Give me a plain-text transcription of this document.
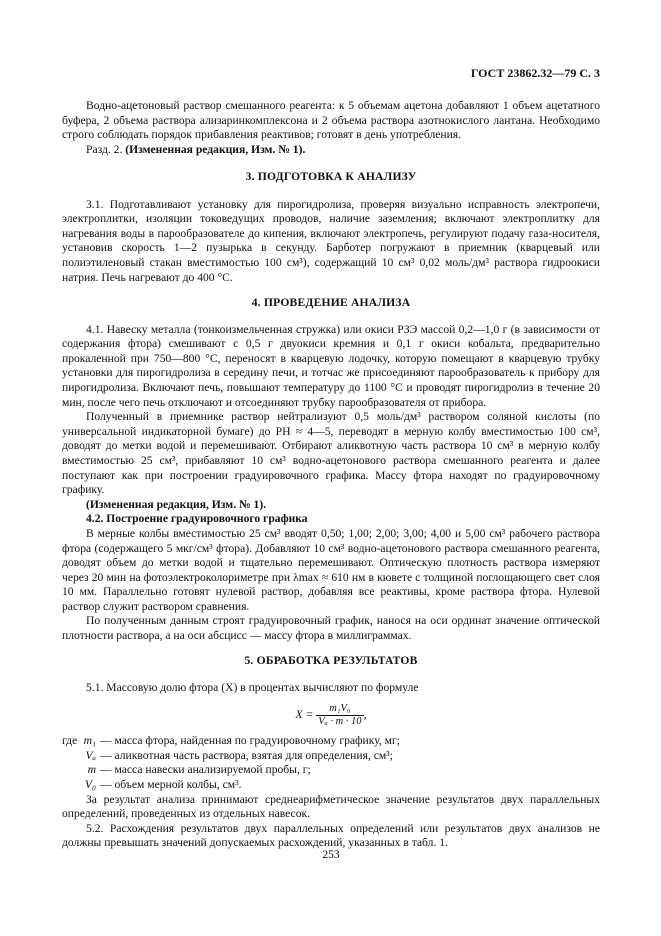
ГОСТ 23862.32—79 С. 3

Водно-ацетоновый раствор смешанного реагента: к 5 объемам ацетона добавляют 1 объем ацетатного буфера, 2 объема раствора ализаринкомплексона и 2 объема раствора азотнокислого лантана. Необходимо строго соблюдать порядок прибавления реактивов; готовят в день употребления.

Разд. 2. (Измененная редакция, Изм. № 1).

3. ПОДГОТОВКА К АНАЛИЗУ

3.1. Подготавливают установку для пирогидролиза, проверяя визуально исправность электропечи, электроплитки, изоляции токоведущих проводов, наличие заземления; включают электроплитку для нагревания воды в парообразователе до кипения, включают электропечь, регулируют подачу газа-носителя, установив скорость 1—2 пузырька в секунду. Барботер погружают в приемник (кварцевый или полиэтиленовый стакан вместимостью 100 см³), содержащий 10 см³ 0,02 моль/дм³ раствора гидроокиси натрия. Печь нагревают до 400 °С.

4. ПРОВЕДЕНИЕ АНАЛИЗА

4.1. Навеску металла (тонкоизмельченная стружка) или окиси РЗЭ массой 0,2—1,0 г (в зависимости от содержания фтора) смешивают с 0,5 г двуокиси кремния и 0,1 г окиси кобальта, предварительно прокаленной при 750—800 °С, переносят в кварцевую лодочку, которую помещают в кварцевую трубку установки для пирогидролиза в середину печи, и тотчас же присоединяют парообразователь к прибору для пирогидролиза. Включают печь, повышают температуру до 1100 °С и проводят пирогидролиз в течение 20 мин, после чего печь отключают и отсоединяют трубку парообразователя от прибора.

Полученный в приемнике раствор нейтрализуют 0,5 моль/дм³ раствором соляной кислоты (по универсальной индикаторной бумаге) до РН ≈ 4—5, переводят в мерную колбу вместимостью 100 см³, доводят до метки водой и перемешивают. Отбирают аликвотную часть раствора 10 см³ в мерную колбу вместимостью 25 см³, прибавляют 10 см³ водно-ацетонового раствора смешанного реагента и далее поступают как при построении градуировочного графика. Массу фтора находят по градуировочному графику.

(Измененная редакция, Изм. № 1).

4.2. Построение градуировочного графика

В мерные колбы вместимостью 25 см³ вводят 0,50; 1,00; 2,00; 3,00; 4,00 и 5,00 см³ рабочего раствора фтора (содержащего 5 мкг/см³ фтора). Добавляют 10 см³ водно-ацетонового раствора смешанного реагента, доводят объем до метки водой и тщательно перемешивают. Оптическую плотность раствора измеряют через 20 мин на фотоэлектроколориметре при λmax ≈ 610 нм в кювете с толщиной поглощающего свет слоя 10 мм. Параллельно готовят нулевой раствор, добавляя все реактивы, кроме раствора фтора. Нулевой раствор служит раствором сравнения.

По полученным данным строят градуировочный график, нанося на оси ординат значение оптической плотности раствора, а на оси абсцисс — массу фтора в миллиграммах.

5. ОБРАБОТКА РЕЗУЛЬТАТОВ

5.1. Массовую долю фтора (X) в процентах вычисляют по формуле

$X = \frac{\text{m₁V₀}}{\text{Vₐ · m · 10}}$ ,
где m₁ — масса фтора, найденная по градуировочному графику, мг;
Vₐ — аликвотная часть раствора, взятая для определения, см³;
m — масса навески анализируемой пробы, г;
V₀ — объем мерной колбы, см³.

За результат анализа принимают среднеарифметическое значение результатов двух параллельных определений, проведенных из отдельных навесок.

5.2. Расхождения результатов двух параллельных определений или результатов двух анализов не должны превышать значений допускаемых расхождений, указанных в табл. 1.

253
